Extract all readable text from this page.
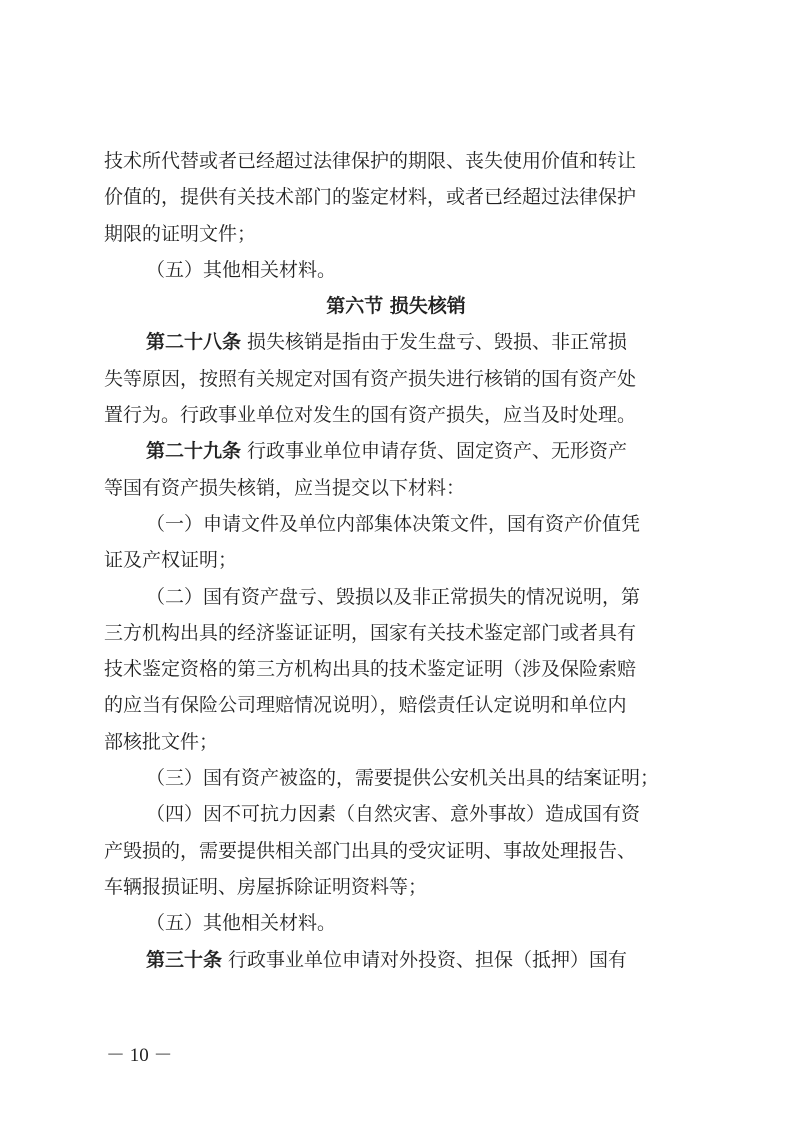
技术所代替或者已经超过法律保护的期限、丧失使用价值和转让
价值的，提供有关技术部门的鉴定材料，或者已经超过法律保护
期限的证明文件；
（五）其他相关材料。
第六节 损失核销
第二十八条 损失核销是指由于发生盘亏、毁损、非正常损
失等原因，按照有关规定对国有资产损失进行核销的国有资产处
置行为。行政事业单位对发生的国有资产损失，应当及时处理。
第二十九条 行政事业单位申请存货、固定资产、无形资产
等国有资产损失核销，应当提交以下材料：
（一）申请文件及单位内部集体决策文件，国有资产价值凭
证及产权证明；
（二）国有资产盘亏、毁损以及非正常损失的情况说明，第
三方机构出具的经济鉴证证明，国家有关技术鉴定部门或者具有
技术鉴定资格的第三方机构出具的技术鉴定证明（涉及保险索赔
的应当有保险公司理赔情况说明），赔偿责任认定说明和单位内
部核批文件；
（三）国有资产被盗的，需要提供公安机关出具的结案证明；
（四）因不可抗力因素（自然灾害、意外事故）造成国有资
产毁损的，需要提供相关部门出具的受灾证明、事故处理报告、
车辆报损证明、房屋拆除证明资料等；
（五）其他相关材料。
第三十条 行政事业单位申请对外投资、担保（抵押）国有
－ 10 －
